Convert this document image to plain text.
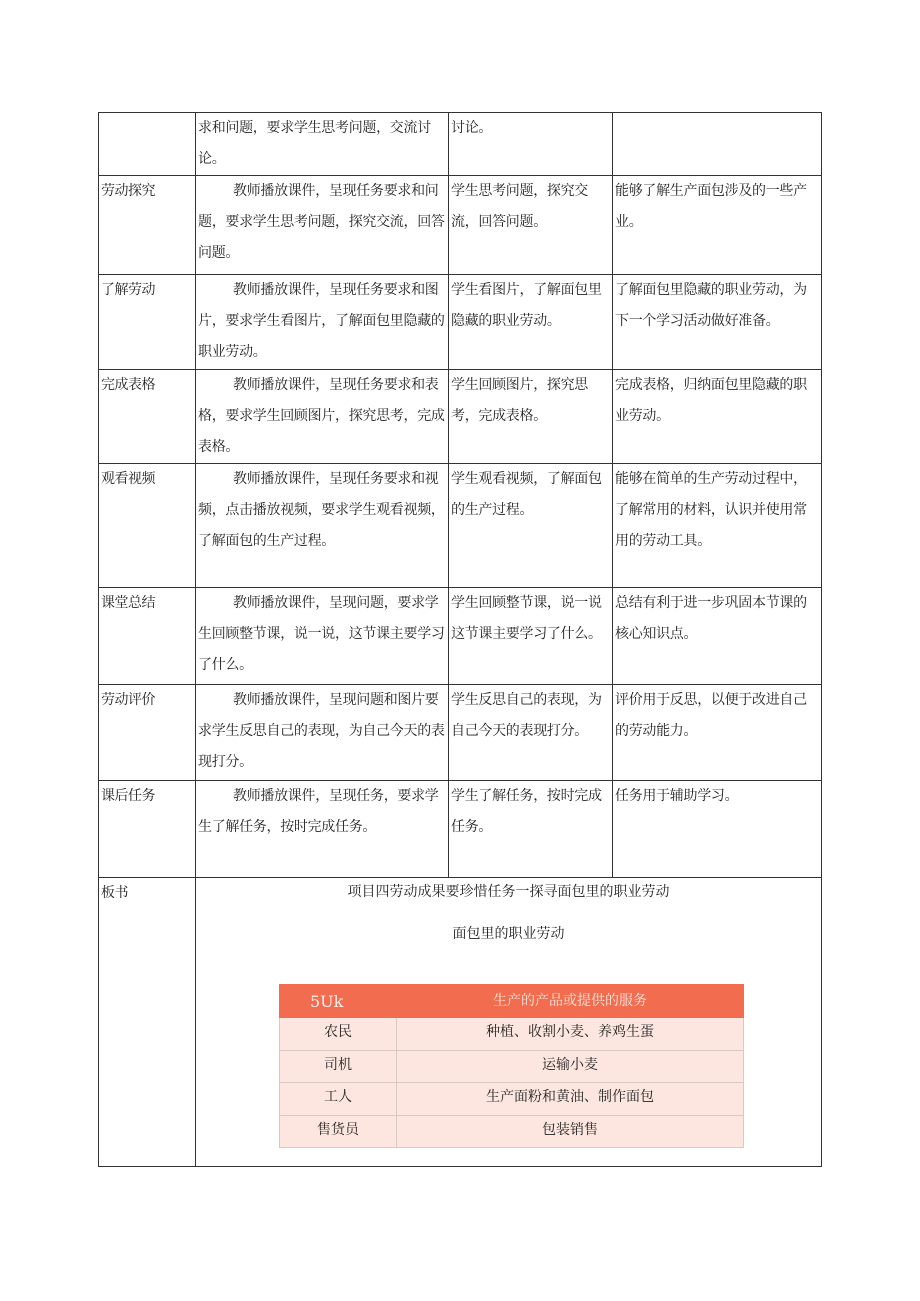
	求和问题，要求学生思考问题，交流讨论。	讨论。	
劳动探究	教师播放课件，呈现任务要求和问题，要求学生思考问题，探究交流，回答问题。	学生思考问题，探究交流，回答问题。	能够了解生产面包涉及的一些产业。
了解劳动	教师播放课件，呈现任务要求和图片，要求学生看图片，了解面包里隐藏的职业劳动。	学生看图片，了解面包里隐藏的职业劳动。	了解面包里隐藏的职业劳动，为下一个学习活动做好准备。
完成表格	教师播放课件，呈现任务要求和表格，要求学生回顾图片，探究思考，完成表格。	学生回顾图片，探究思考，完成表格。	完成表格，归纳面包里隐藏的职业劳动。
观看视频	教师播放课件，呈现任务要求和视频，点击播放视频，要求学生观看视频，了解面包的生产过程。	学生观看视频，了解面包的生产过程。	能够在简单的生产劳动过程中，了解常用的材料，认识并使用常用的劳动工具。
课堂总结	教师播放课件，呈现问题，要求学生回顾整节课，说一说，这节课主要学习了什么。	学生回顾整节课，说一说这节课主要学习了什么。	总结有利于进一步巩固本节课的核心知识点。
劳动评价	教师播放课件，呈现问题和图片要求学生反思自己的表现，为自己今天的表现打分。	学生反思自己的表现，为自己今天的表现打分。	评价用于反思，以便于改进自己的劳动能力。
课后任务	教师播放课件，呈现任务，要求学生了解任务，按时完成任务。	学生了解任务，按时完成任务。	任务用于辅助学习。
板书	项目四劳动成果要珍惜任务一探寻面包里的职业劳动
面包里的职业劳动
5Uk	生产的产品或提供的服务
农民	种植、收割小麦、养鸡生蛋
司机	运输小麦
工人	生产面粉和黄油、制作面包
售货员	包装销售
